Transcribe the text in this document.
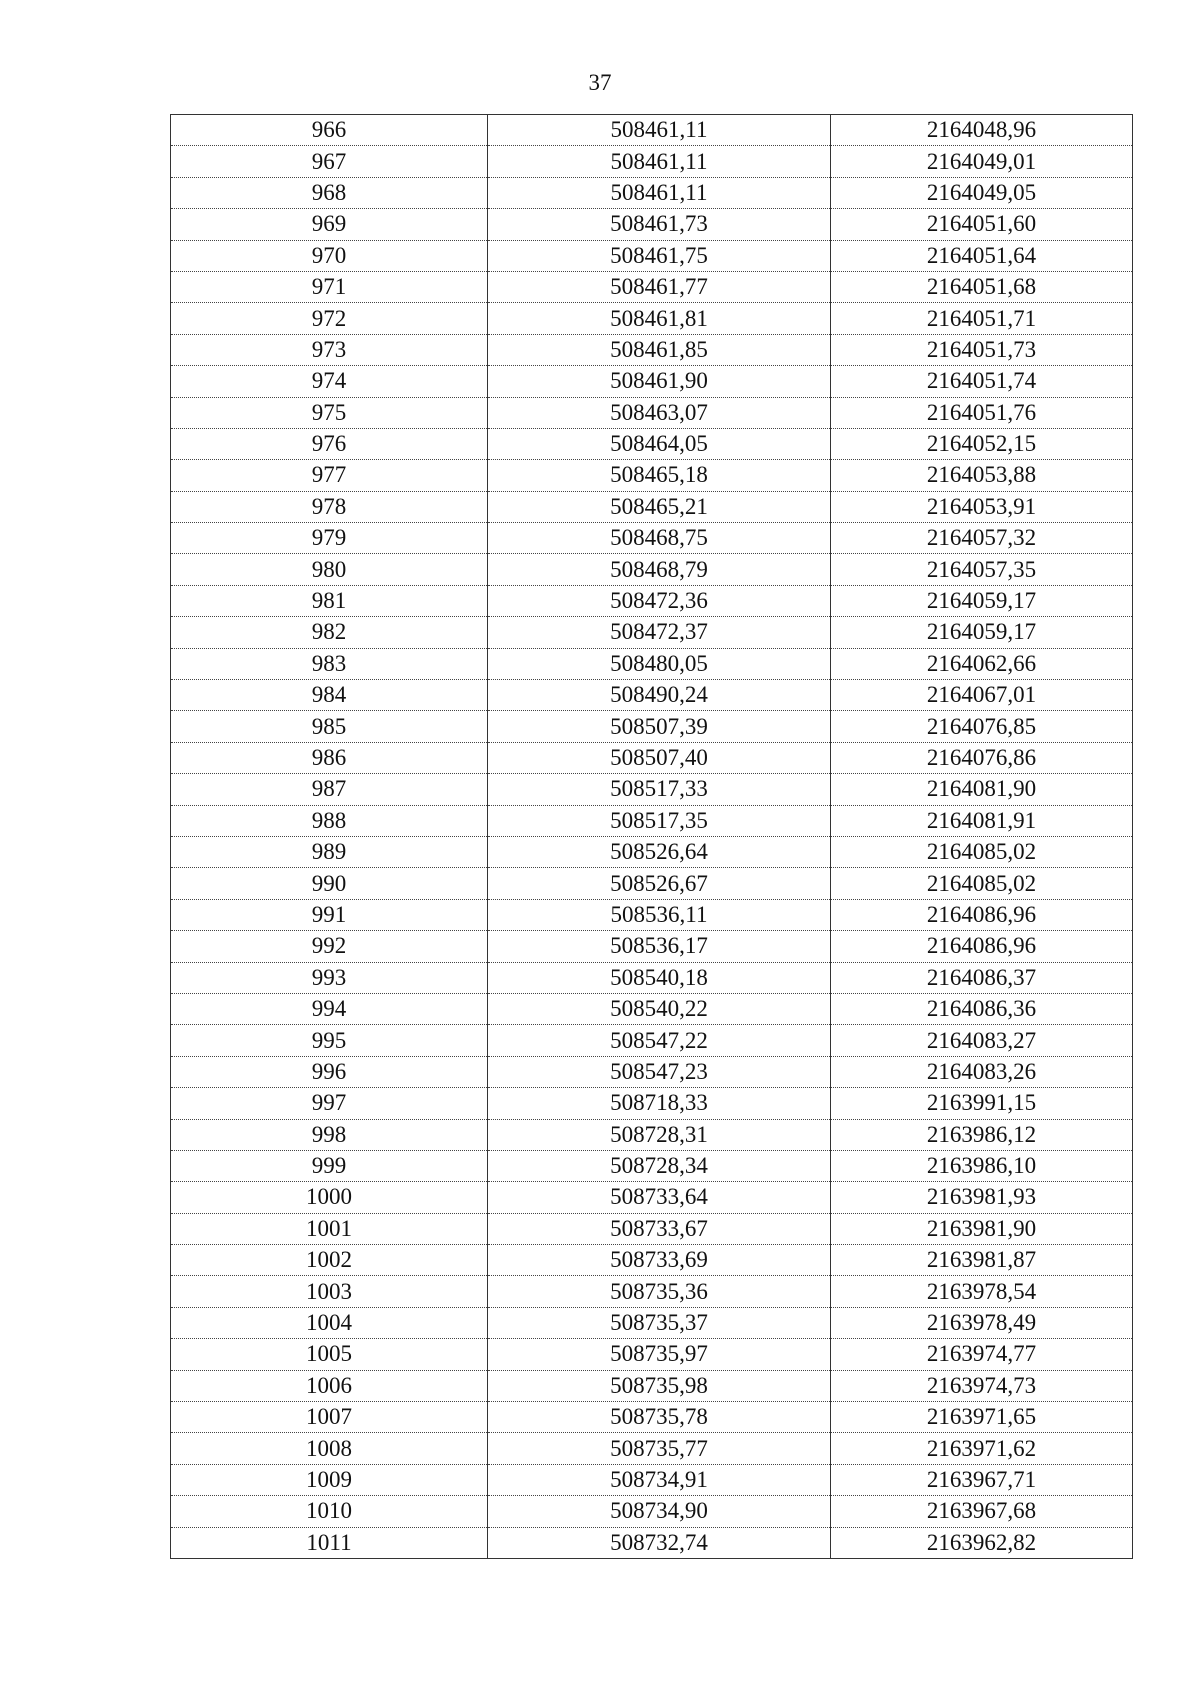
37
966	508461,11	2164048,96
967	508461,11	2164049,01
968	508461,11	2164049,05
969	508461,73	2164051,60
970	508461,75	2164051,64
971	508461,77	2164051,68
972	508461,81	2164051,71
973	508461,85	2164051,73
974	508461,90	2164051,74
975	508463,07	2164051,76
976	508464,05	2164052,15
977	508465,18	2164053,88
978	508465,21	2164053,91
979	508468,75	2164057,32
980	508468,79	2164057,35
981	508472,36	2164059,17
982	508472,37	2164059,17
983	508480,05	2164062,66
984	508490,24	2164067,01
985	508507,39	2164076,85
986	508507,40	2164076,86
987	508517,33	2164081,90
988	508517,35	2164081,91
989	508526,64	2164085,02
990	508526,67	2164085,02
991	508536,11	2164086,96
992	508536,17	2164086,96
993	508540,18	2164086,37
994	508540,22	2164086,36
995	508547,22	2164083,27
996	508547,23	2164083,26
997	508718,33	2163991,15
998	508728,31	2163986,12
999	508728,34	2163986,10
1000	508733,64	2163981,93
1001	508733,67	2163981,90
1002	508733,69	2163981,87
1003	508735,36	2163978,54
1004	508735,37	2163978,49
1005	508735,97	2163974,77
1006	508735,98	2163974,73
1007	508735,78	2163971,65
1008	508735,77	2163971,62
1009	508734,91	2163967,71
1010	508734,90	2163967,68
1011	508732,74	2163962,82
